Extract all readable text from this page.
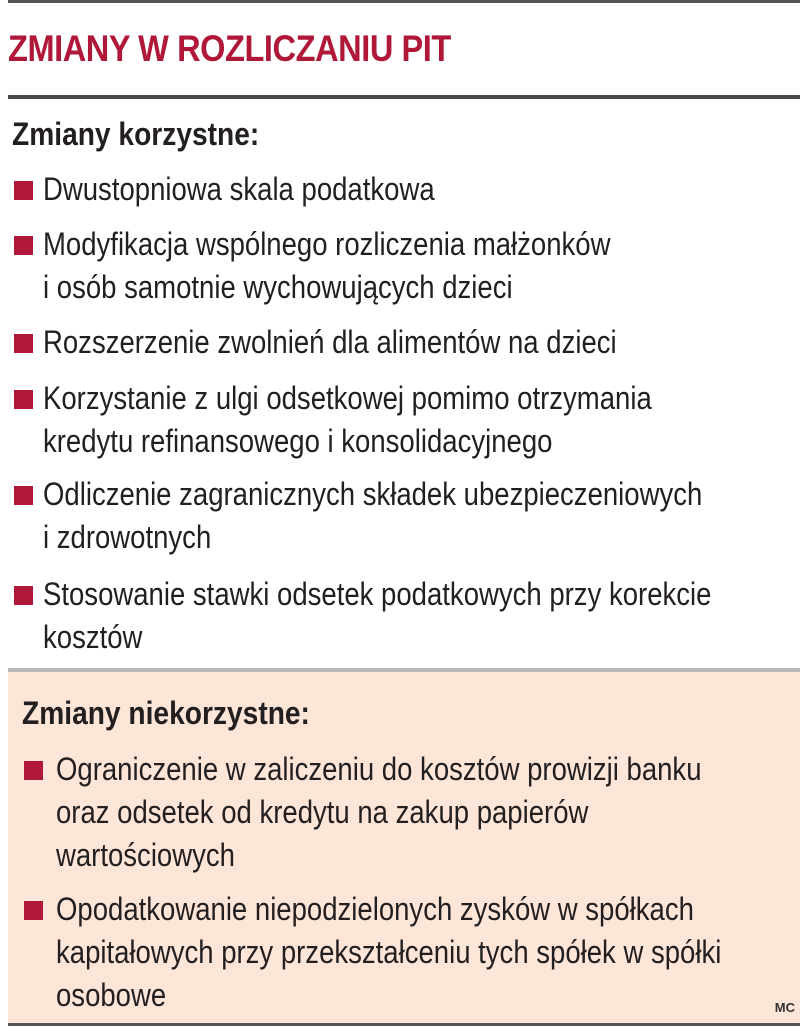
ZMIANY W ROZLICZANIU PIT
Zmiany korzystne:
Dwustopniowa skala podatkowa
Modyfikacja wspólnego rozliczenia małżonków
i osób samotnie wychowujących dzieci
Rozszerzenie zwolnień dla alimentów na dzieci
Korzystanie z ulgi odsetkowej pomimo otrzymania
kredytu refinansowego i konsolidacyjnego
Odliczenie zagranicznych składek ubezpieczeniowych
i zdrowotnych
Stosowanie stawki odsetek podatkowych przy korekcie
kosztów
Zmiany niekorzystne:
Ograniczenie w zaliczeniu do kosztów prowizji banku
oraz odsetek od kredytu na zakup papierów
wartościowych
Opodatkowanie niepodzielonych zysków w spółkach
kapitałowych przy przekształceniu tych spółek w spółki
osobowe	MC
